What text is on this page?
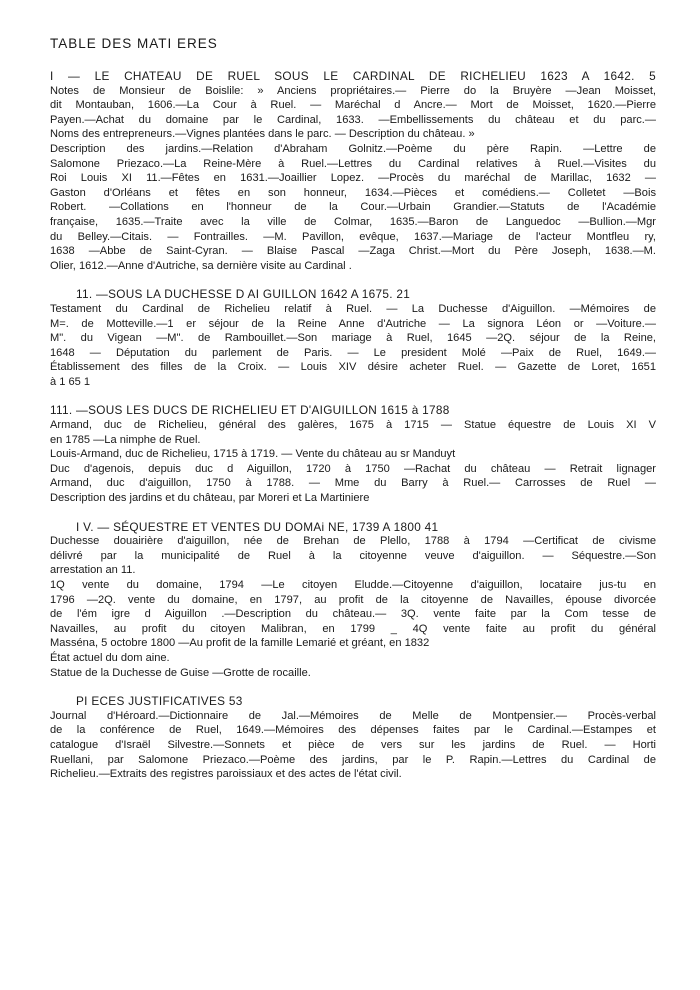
TABLE DES MATI ERES
I — LE CHATEAU DE RUEL SOUS LE CARDINAL DE RICHELIEU 1623 A 1642. 5
Notes de Monsieur de Boislile: » Anciens propriétaires.— Pierre do la Bruyère —Jean Moisset,
dit Montauban, 1606.—La Cour à Ruel. — Maréchal d Ancre.— Mort de Moisset, 1620.—Pierre
Payen.—Achat du domaine par le Cardinal, 1633. —Embellissements du château et du parc.—
Noms des entrepreneurs.—Vignes plantées dans le parc. — Description du château. »
Description des jardins.—Relation d'Abraham Golnitz.—Poème du père Rapin. —Lettre de
Salomone Priezaco.—La Reine-Mère à Ruel.—Lettres du Cardinal relatives à Ruel.—Visites du
Roi Louis XI 11.—Fêtes en 1631.—Joaillier Lopez. —Procès du maréchal de Marillac, 1632 —
Gaston d'Orléans et fêtes en son honneur, 1634.—Pièces et comédiens.— Colletet —Bois
Robert. —Collations en l'honneur de la Cour.—Urbain Grandier.—Statuts de l'Académie
française, 1635.—Traite avec la ville de Colmar, 1635.—Baron de Languedoc —Bullion.—Mgr
du Belley.—Citais. — Fontrailles. —M. Pavillon, evêque, 1637.—Mariage de l'acteur Montfleu ry,
1638 —Abbe de Saint-Cyran. — Blaise Pascal —Zaga Christ.—Mort du Père Joseph, 1638.—M.
Olier, 1612.—Anne d'Autriche, sa dernière visite au Cardinal .
11. —SOUS LA DUCHESSE D AI GUILLON 1642 A 1675. 21
Testament du Cardinal de Richelieu relatif à Ruel. — La Duchesse d'Aiguillon. —Mémoires de
M=. de Motteville.—1 er séjour de la Reine Anne d'Autriche — La signora Léon or —Voiture.—
M". du Vigean —M". de Rambouillet.—Son mariage à Ruel, 1645 —2Q. séjour de la Reine,
1648 — Députation du parlement de Paris. — Le president Molé —Paix de Ruel, 1649.—
Établissement des filles de la Croix. — Louis XIV désire acheter Ruel. — Gazette de Loret, 1651
à 1 65 1
111. —SOUS LES DUCS DE RICHELIEU ET D'AIGUILLON 1615 à 1788
Armand, duc de Richelieu, général des galères, 1675 à 1715 — Statue équestre de Louis XI V
en 1785 —La nimphe de Ruel.
Louis-Armand, duc de Richelieu, 1715 à 1719. — Vente du château au sr Manduyt
Duc d'agenois, depuis duc d Aiguillon, 1720 à 1750 —Rachat du château — Retrait lignager
Armand, duc d'aiguillon, 1750 à 1788. — Mme du Barry à Ruel.— Carrosses de Ruel —
Description des jardins et du château, par Moreri et La Martiniere
I V. — SÉQUESTRE ET VENTES DU DOMAi NE, 1739 A 1800 41
Duchesse douairière d'aiguillon, née de Brehan de Plello, 1788 à 1794 —Certificat de civisme
délivré par la municipalité de Ruel à la citoyenne veuve d'aiguillon. — Séquestre.—Son
arrestation an 11.
1Q vente du domaine, 1794 —Le citoyen Eludde.—Citoyenne d'aiguillon, locataire jus-tu en
1796 —2Q. vente du domaine, en 1797, au profit de la citoyenne de Navailles, épouse divorcée
de l'ém igre d Aiguillon .—Description du château.— 3Q. vente faite par la Com tesse de
Navailles, au profit du citoyen Malibran, en 1799 _ 4Q vente faite au profit du général
Masséna, 5 octobre 1800 —Au profit de la famille Lemarié et gréant, en 1832
État actuel du dom aine.
Statue de la Duchesse de Guise —Grotte de rocaille.
PI ECES JUSTIFICATIVES 53
Journal d'Héroard.—Dictionnaire de Jal.—Mémoires de Melle de Montpensier.— Procès-verbal
de la conférence de Ruel, 1649.—Mémoires des dépenses faites par le Cardinal.—Estampes et
catalogue d'Israël Silvestre.—Sonnets et pièce de vers sur les jardins de Ruel. — Horti
Ruellani, par Salomone Priezaco.—Poème des jardins, par le P. Rapin.—Lettres du Cardinal de
Richelieu.—Extraits des registres paroissiaux et des actes de l'état civil.
